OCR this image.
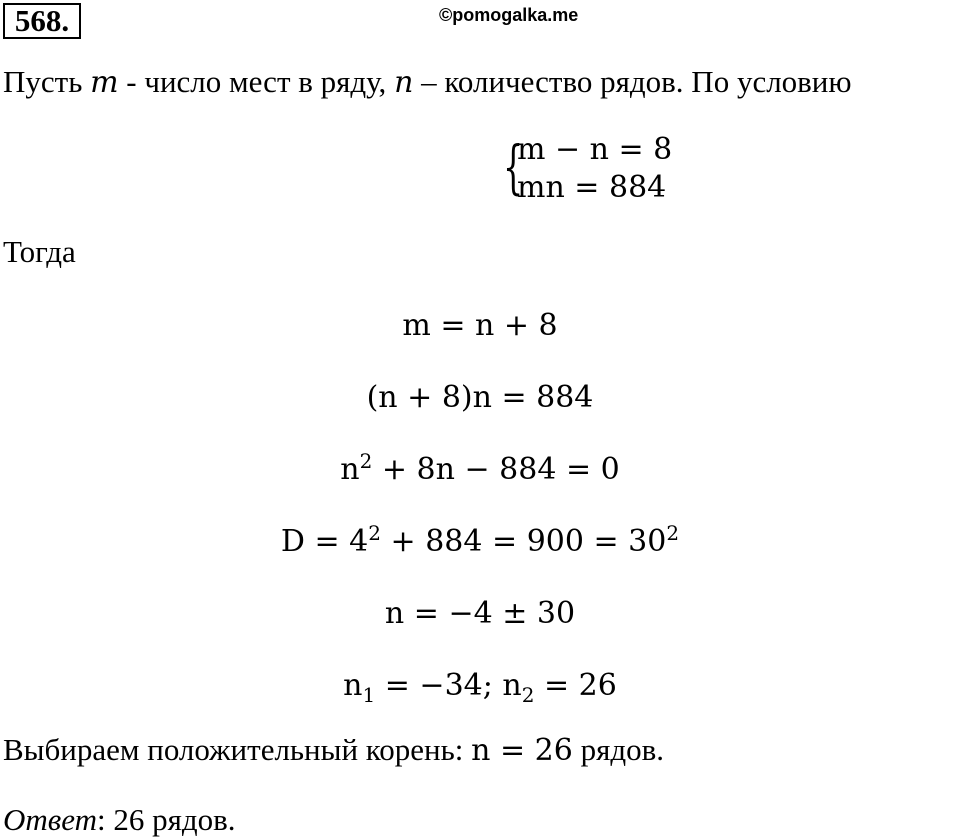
568.	©pomogalka.me
Пусть m - число мест в ряду, n – количество рядов. По условию
{
m − n = 8
mn = 884
Тогда
m = n + 8
(n + 8)n = 884
$n^2 + 8n - 884 = 0$
$D = 4^2 + 884 = 900 = 30^2$
n = −4 ± 30
$n_1 = -34$; $n_2 = 26$
Выбираем положительный корень: n = 26 рядов.
Ответ: 26 рядов.
